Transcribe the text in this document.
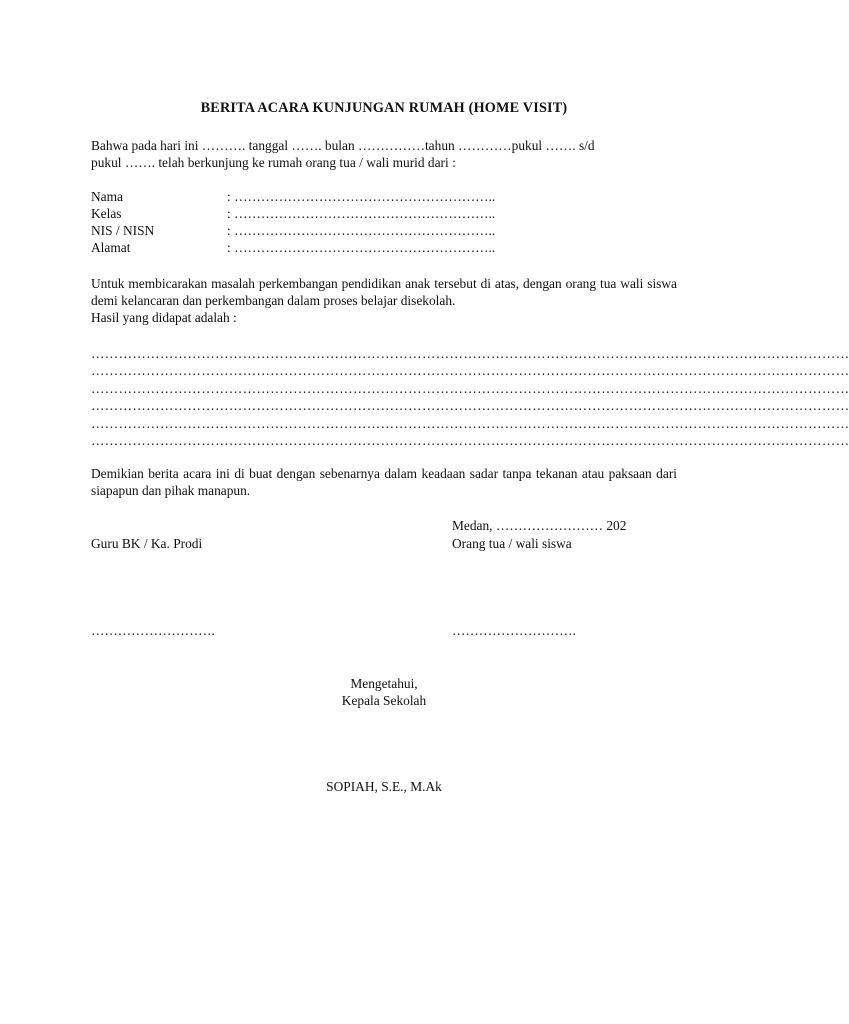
BERITA ACARA KUNJUNGAN RUMAH (HOME VISIT)
Bahwa pada hari ini ………. tanggal ……. bulan ……………tahun …………pukul ……. s/d
pukul ……. telah berkunjung ke rumah orang tua / wali murid dari :
Nama	: …………………………………………………..
Kelas	: …………………………………………………..
NIS / NISN	: …………………………………………………..
Alamat	: …………………………………………………..
Untuk membicarakan masalah perkembangan pendidikan anak tersebut di atas, dengan orang tua wali siswa demi kelancaran dan perkembangan dalam proses belajar disekolah.
Hasil yang didapat adalah :
…………………………………………………………………………………………………………………………………………………
…………………………………………………………………………………………………………………………………………………
…………………………………………………………………………………………………………………………………………………
…………………………………………………………………………………………………………………………………………………
…………………………………………………………………………………………………………………………………………………
…………………………………………………………………………………………………………………………………………………
Demikian berita acara ini di buat dengan sebenarnya dalam keadaan sadar tanpa tekanan atau paksaan dari siapapun dan pihak manapun.
Medan, …………………… 202
Guru BK / Ka. Prodi	Orang tua / wali siswa
……………………….	……………………….
Mengetahui,
Kepala Sekolah
SOPIAH, S.E., M.Ak
